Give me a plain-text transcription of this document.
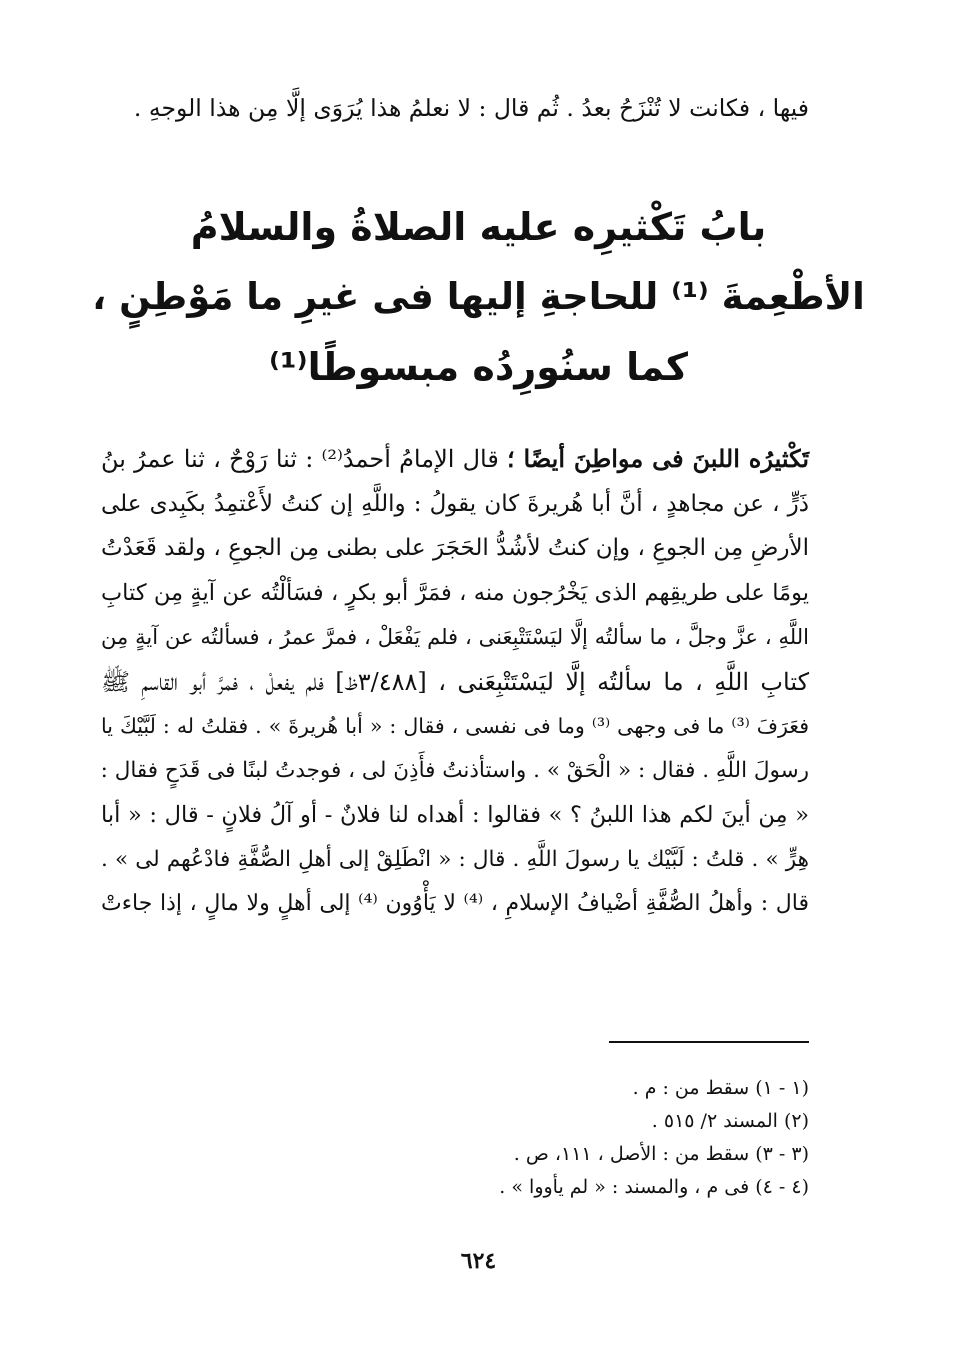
فيها ، فكانت لا تُنْزَحُ بعدُ . ثُم قال : لا نعلمُ هذا يُرَوَى إلَّا مِن هذا الوجهِ .
بابُ تَكْثيرِه عليه الصلاةُ والسلامُ
الأطْعِمةَ ⁽¹⁾ للحاجةِ إليها فى غيرِ ما مَوْطِنٍ ،
كما سنُورِدُه مبسوطًا⁽¹⁾
تَكْثيرُه اللبنَ فى مواطِنَ أيضًا ؛ قال الإمامُ أحمدُ⁽²⁾ : ثنا رَوْحٌ ، ثنا عمرُ بنُ
ذَرٍّ ، عن مجاهدٍ ، أنَّ أبا هُريرةَ كان يقولُ : واللَّهِ إن كنتُ لأَعْتمِدُ بكَبِدى على
الأرضِ مِن الجوعِ ، وإن كنتُ لأشُدُّ الحَجَرَ على بطنى مِن الجوعِ ، ولقد قَعَدْتُ
يومًا على طريقِهم الذى يَخْرُجون منه ، فمَرَّ أبو بكرٍ ، فسَألْتُه عن آيةٍ مِن كتابِ
اللَّهِ ، عزَّ وجلَّ ، ما سألتُه إلَّا ليَسْتَتْبِعَنى ، فلم يَفْعَلْ ، فمرَّ عمرُ ، فسألتُه عن آيةٍ مِن
كتابِ اللَّهِ ، ما سألتُه إلَّا ليَسْتَتْبِعَنى ، [٣/٤٨٨ظ] فلم يفعلْ ، فمرَّ أبو القاسمِ ﷺ
فعَرَفَ ⁽³⁾ ما فى وجهى ⁽³⁾ وما فى نفسى ، فقال : « أبا هُريرةَ » . فقلتُ له : لَبَّيْكَ يا
رسولَ اللَّهِ . فقال : « الْحَقْ » . واستأذنتُ فأَذِنَ لى ، فوجدتُ لبنًا فى قَدَحٍ فقال :
« مِن أينَ لكم هذا اللبنُ ؟ » فقالوا : أهداه لنا فلانٌ - أو آلُ فلانٍ - قال : « أبا
هِرٍّ » . قلتُ : لَبَّيْك يا رسولَ اللَّهِ . قال : « انْطَلِقْ إلى أهلِ الصُّفَّةِ فادْعُهم لى » .
قال : وأهلُ الصُّفَّةِ أضْيافُ الإسلامِ ، ⁽⁴⁾ لا يَأْوُون ⁽⁴⁾ إلى أهلٍ ولا مالٍ ، إذا جاءتْ
(١ - ١) سقط من : م .
(٢) المسند ٢/ ٥١٥ .
(٣ - ٣) سقط من : الأصل ، ١١١، ص .
(٤ - ٤) فى م ، والمسند : « لم يأووا » .
٦٢٤
